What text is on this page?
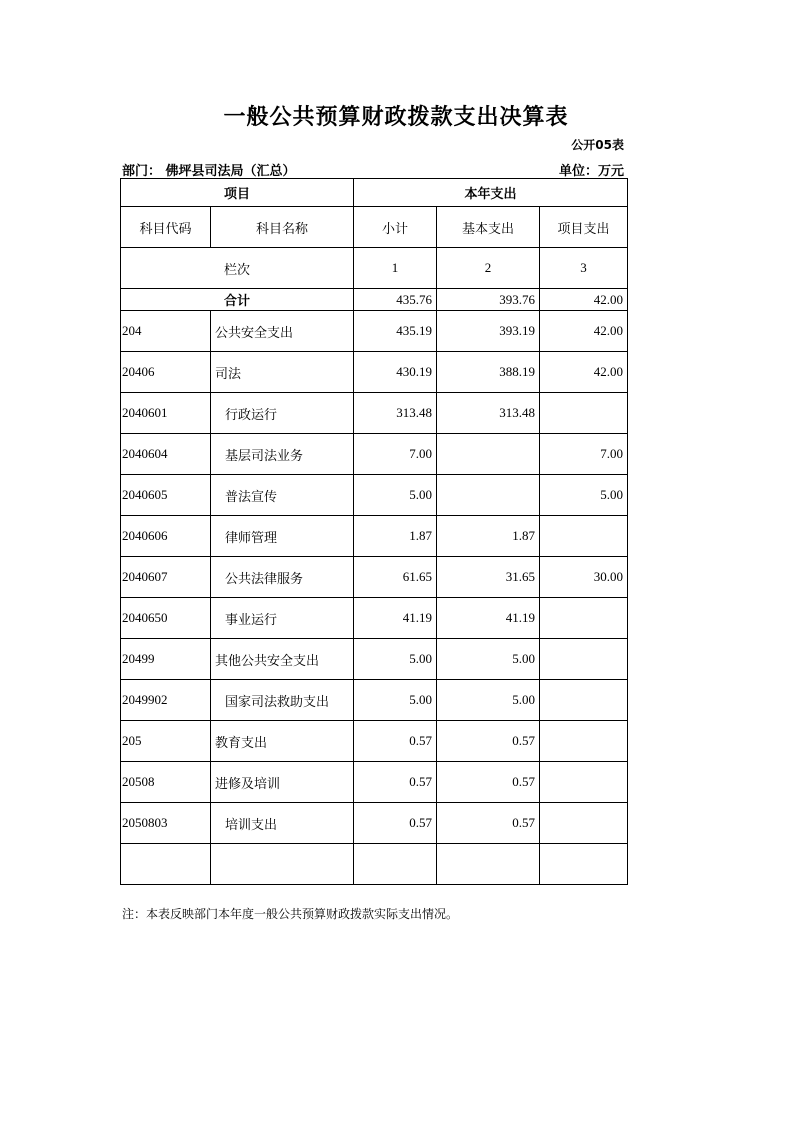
一般公共预算财政拨款支出决算表
公开05表
部门： 佛坪县司法局（汇总）	单位：万元
项目		本年支出		
科目代码	科目名称	小计	基本支出	项目支出
栏次		1	2	3
合计		435.76	393.76	42.00
204	公共安全支出	435.19	393.19	42.00
20406	司法	430.19	388.19	42.00
2040601	行政运行	313.48	313.48	
2040604	基层司法业务	7.00		7.00
2040605	普法宣传	5.00		5.00
2040606	律师管理	1.87	1.87	
2040607	公共法律服务	61.65	31.65	30.00
2040650	事业运行	41.19	41.19	
20499	其他公共安全支出	5.00	5.00	
2049902	国家司法救助支出	5.00	5.00	
205	教育支出	0.57	0.57	
20508	进修及培训	0.57	0.57	
2050803	培训支出	0.57	0.57	

注：本表反映部门本年度一般公共预算财政拨款实际支出情况。
